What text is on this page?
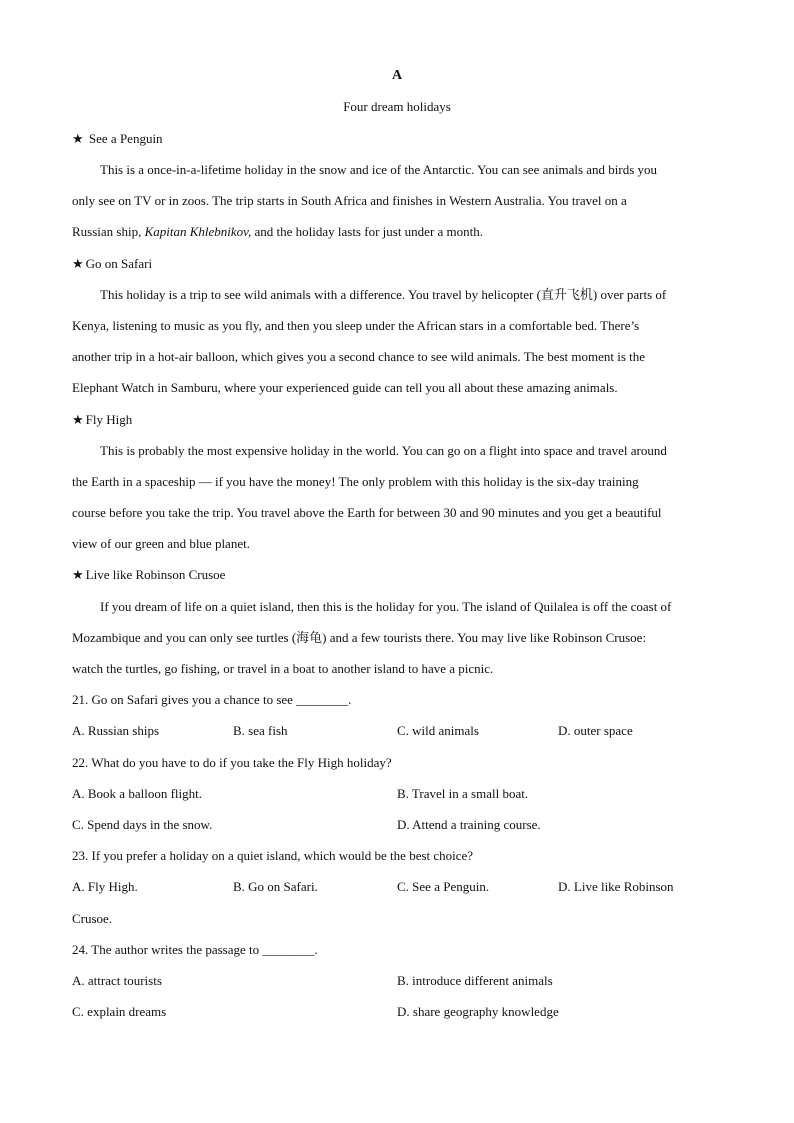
A
Four dream holidays
★ See a Penguin
This is a once-in-a-lifetime holiday in the snow and ice of the Antarctic. You can see animals and birds you
only see on TV or in zoos. The trip starts in South Africa and finishes in Western Australia. You travel on a
Russian ship, Kapitan Khlebnikov, and the holiday lasts for just under a month.
★ Go on Safari
This holiday is a trip to see wild animals with a difference. You travel by helicopter (直升飞机) over parts of
Kenya, listening to music as you fly, and then you sleep under the African stars in a comfortable bed. There’s
another trip in a hot-air balloon, which gives you a second chance to see wild animals. The best moment is the
Elephant Watch in Samburu, where your experienced guide can tell you all about these amazing animals.
★ Fly High
This is probably the most expensive holiday in the world. You can go on a flight into space and travel around
the Earth in a spaceship — if you have the money! The only problem with this holiday is the six-day training
course before you take the trip. You travel above the Earth for between 30 and 90 minutes and you get a beautiful
view of our green and blue planet.
★ Live like Robinson Crusoe
If you dream of life on a quiet island, then this is the holiday for you. The island of Quilalea is off the coast of
Mozambique and you can only see turtles (海龟) and a few tourists there. You may live like Robinson Crusoe:
watch the turtles, go fishing, or travel in a boat to another island to have a picnic.
21. Go on Safari gives you a chance to see ________.
A. Russian ships	B. sea fish	C. wild animals	D. outer space
22. What do you have to do if you take the Fly High holiday?
A. Book a balloon flight.	B. Travel in a small boat.
C. Spend days in the snow.	D. Attend a training course.
23. If you prefer a holiday on a quiet island, which would be the best choice?
A. Fly High.	B. Go on Safari.	C. See a Penguin.	D. Live like Robinson
Crusoe.
24. The author writes the passage to ________.
A. attract tourists	B. introduce different animals
C. explain dreams	D. share geography knowledge
